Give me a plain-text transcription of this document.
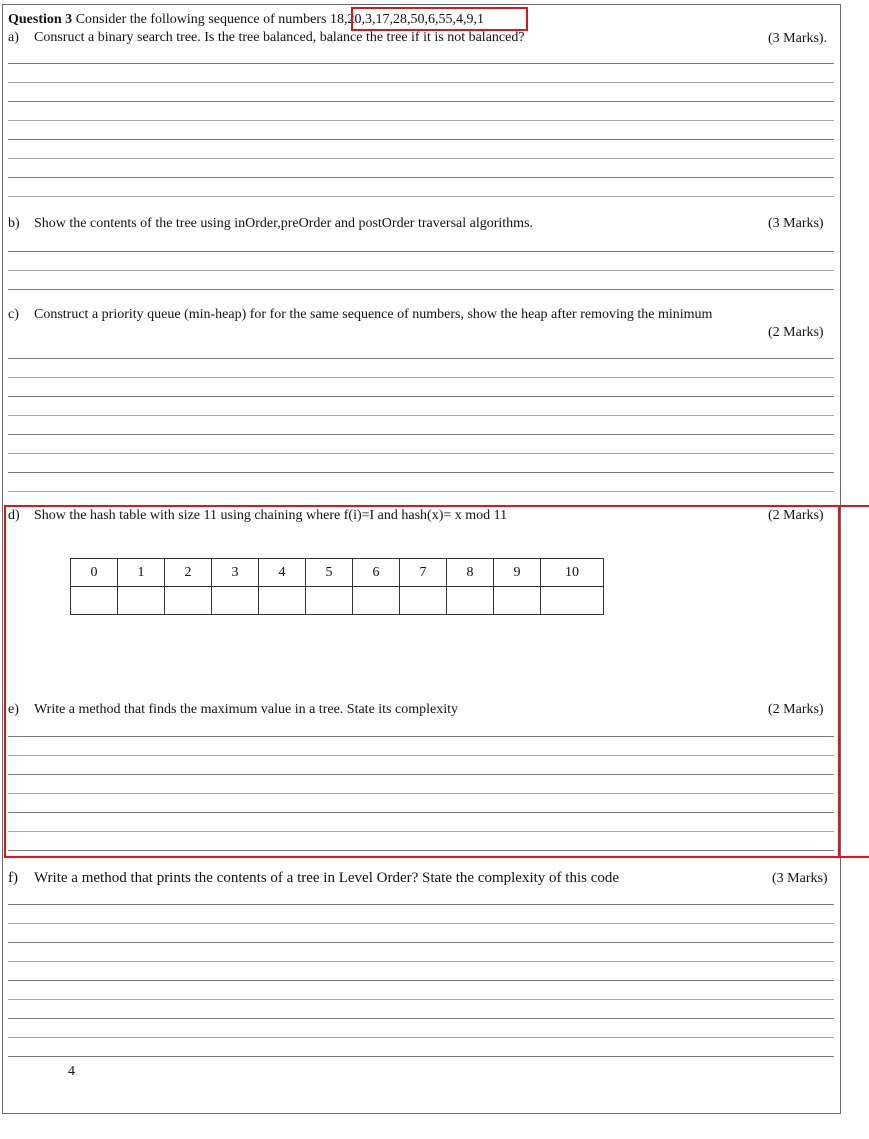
Question 3 Consider the following sequence of numbers 18,20,3,17,28,50,6,55,4,9,1
a) Consruct a binary search tree. Is the tree balanced, balance the tree if it is not balanced?	(3 Marks).
b) Show the contents of the tree using inOrder,preOrder and postOrder traversal algorithms.	(3 Marks)
c) Construct a priority queue (min-heap) for for the same sequence of numbers, show the heap after removing the minimum
(2 Marks)
d) Show the hash table with size 11 using chaining where f(i)=I and hash(x)= x mod 11	(2 Marks)
0	1	2	3	4	5	6	7	8	9	10

e) Write a method that finds the maximum value in a tree. State its complexity	(2 Marks)
f) Write a method that prints the contents of a tree in Level Order? State the complexity of this code	(3 Marks)
4
